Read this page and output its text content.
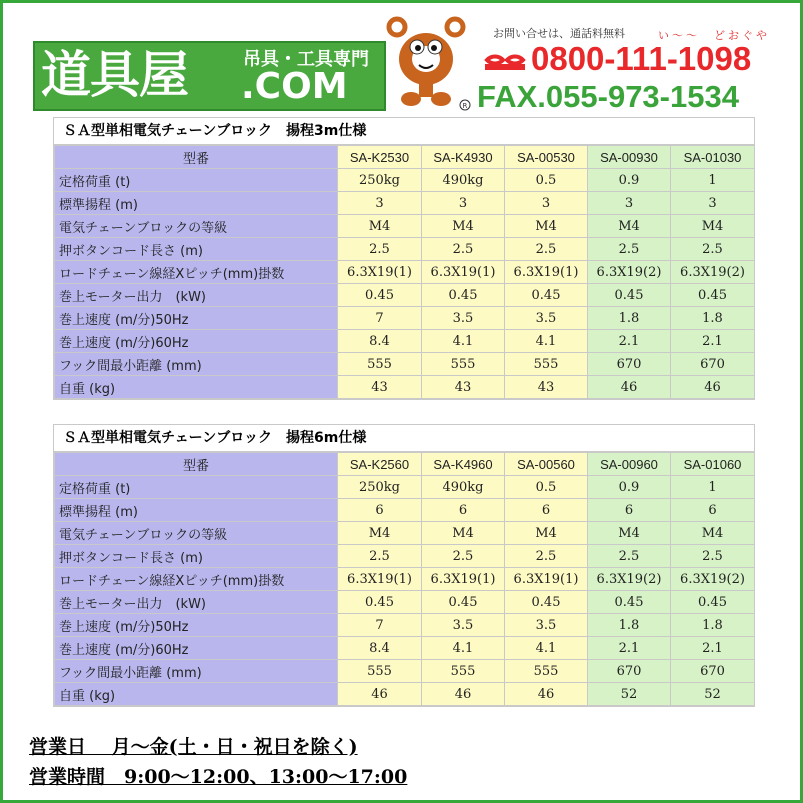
道具屋	吊具・工具専門
.COM	R
お問い合せは、通話料無料	い～～　どおぐや
0800-111-1098
FAX.055-973-1534
ＳＡ型単相電気チェーンブロック　揚程3m仕様
型番	SA-K2530	SA-K4930	SA-00530	SA-00930	SA-01030
定格荷重 (t)	250kg	490kg	0.5	0.9	1
標準揚程 (m)	3	3	3	3	3
電気チェーンブロックの等級	M4	M4	M4	M4	M4
押ボタンコード長さ (m)	2.5	2.5	2.5	2.5	2.5
ロードチェーン線経Xピッチ(mm)掛数	6.3X19(1)	6.3X19(1)	6.3X19(1)	6.3X19(2)	6.3X19(2)
巻上モーター出力　(kW)	0.45	0.45	0.45	0.45	0.45
巻上速度 (m/分)50Hz	7	3.5	3.5	1.8	1.8
巻上速度 (m/分)60Hz	8.4	4.1	4.1	2.1	2.1
フック間最小距離 (mm)	555	555	555	670	670
自重 (kg)	43	43	43	46	46
ＳＡ型単相電気チェーンブロック　揚程6m仕様
型番	SA-K2560	SA-K4960	SA-00560	SA-00960	SA-01060
定格荷重 (t)	250kg	490kg	0.5	0.9	1
標準揚程 (m)	6	6	6	6	6
電気チェーンブロックの等級	M4	M4	M4	M4	M4
押ボタンコード長さ (m)	2.5	2.5	2.5	2.5	2.5
ロードチェーン線経Xピッチ(mm)掛数	6.3X19(1)	6.3X19(1)	6.3X19(1)	6.3X19(2)	6.3X19(2)
巻上モーター出力　(kW)	0.45	0.45	0.45	0.45	0.45
巻上速度 (m/分)50Hz	7	3.5	3.5	1.8	1.8
巻上速度 (m/分)60Hz	8.4	4.1	4.1	2.1	2.1
フック間最小距離 (mm)	555	555	555	670	670
自重 (kg)	46	46	46	52	52
営業日　 月～金(土・日・祝日を除く)
営業時間　9:00～12:00、13:00～17:00
